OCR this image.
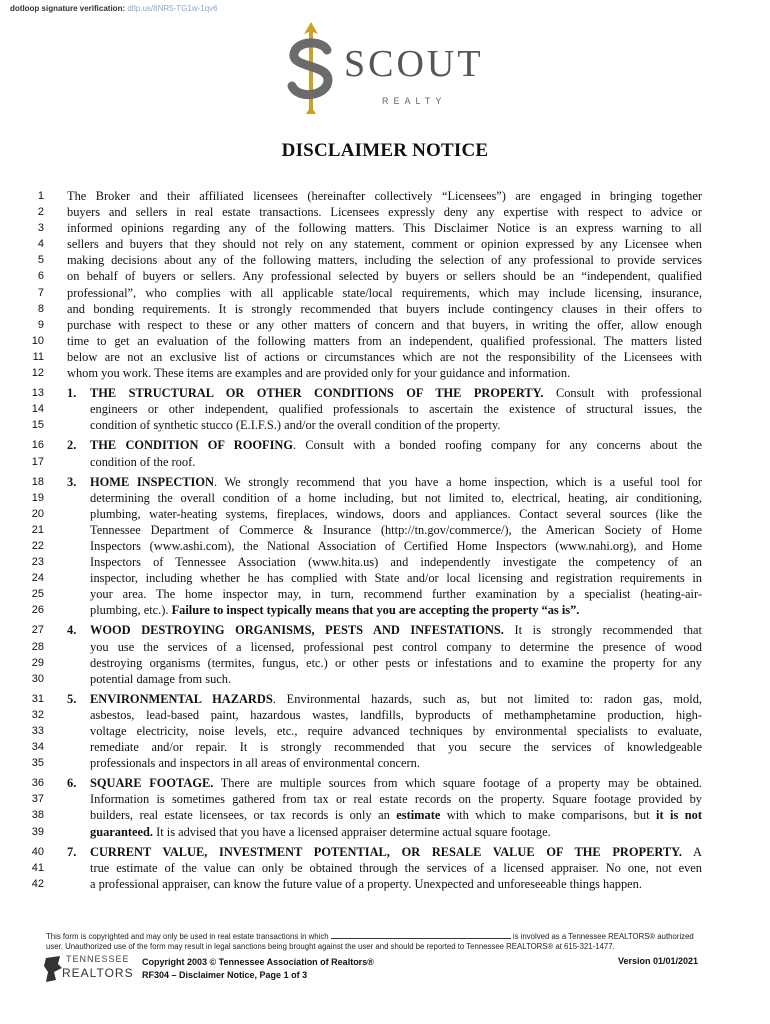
dotloop signature verification: dtlp.us/8NR5-TG1w-1qv6
SCOUT
REALTY
DISCLAIMER NOTICE
1 The Broker and their affiliated licensees (hereinafter collectively “Licensees”) are engaged in bringing together
2 buyers and sellers in real estate transactions. Licensees expressly deny any expertise with respect to advice or
3 informed opinions regarding any of the following matters. This Disclaimer Notice is an express warning to all
4 sellers and buyers that they should not rely on any statement, comment or opinion expressed by any Licensee when
5 making decisions about any of the following matters, including the selection of any professional to provide services
6 on behalf of buyers or sellers. Any professional selected by buyers or sellers should be an “independent, qualified
7 professional”, who complies with all applicable state/local requirements, which may include licensing, insurance,
8 and bonding requirements. It is strongly recommended that buyers include contingency clauses in their offers to
9 purchase with respect to these or any other matters of concern and that buyers, in writing the offer, allow enough
10 time to get an evaluation of the following matters from an independent, qualified professional. The matters listed
11 below are not an exclusive list of actions or circumstances which are not the responsibility of the Licensees with
12 whom you work. These items are examples and are provided only for your guidance and information.
13 1. THE STRUCTURAL OR OTHER CONDITIONS OF THE PROPERTY. Consult with professional
14	engineers or other independent, qualified professionals to ascertain the existence of structural issues, the
15	condition of synthetic stucco (E.I.F.S.) and/or the overall condition of the property.
16 2. THE CONDITION OF ROOFING. Consult with a bonded roofing company for any concerns about the
17	condition of the roof.
18 3. HOME INSPECTION. We strongly recommend that you have a home inspection, which is a useful tool for
19	determining the overall condition of a home including, but not limited to, electrical, heating, air conditioning,
20	plumbing, water-heating systems, fireplaces, windows, doors and appliances. Contact several sources (like the
21	Tennessee Department of Commerce & Insurance (http://tn.gov/commerce/), the American Society of Home
22	Inspectors (www.ashi.com), the National Association of Certified Home Inspectors (www.nahi.org), and Home
23	Inspectors of Tennessee Association (www.hita.us) and independently investigate the competency of an
24	inspector, including whether he has complied with State and/or local licensing and registration requirements in
25	your area. The home inspector may, in turn, recommend further examination by a specialist (heating-air-
26	plumbing, etc.). Failure to inspect typically means that you are accepting the property “as is”.
27 4. WOOD DESTROYING ORGANISMS, PESTS AND INFESTATIONS. It is strongly recommended that
28	you use the services of a licensed, professional pest control company to determine the presence of wood
29	destroying organisms (termites, fungus, etc.) or other pests or infestations and to examine the property for any
30	potential damage from such.
31 5. ENVIRONMENTAL HAZARDS. Environmental hazards, such as, but not limited to: radon gas, mold,
32	asbestos, lead-based paint, hazardous wastes, landfills, byproducts of methamphetamine production, high-
33	voltage electricity, noise levels, etc., require advanced techniques by environmental specialists to evaluate,
34	remediate and/or repair. It is strongly recommended that you secure the services of knowledgeable
35	professionals and inspectors in all areas of environmental concern.
36 6. SQUARE FOOTAGE. There are multiple sources from which square footage of a property may be obtained.
37	Information is sometimes gathered from tax or real estate records on the property. Square footage provided by
38	builders, real estate licensees, or tax records is only an estimate with which to make comparisons, but it is not
39	guaranteed. It is advised that you have a licensed appraiser determine actual square footage.
40 7. CURRENT VALUE, INVESTMENT POTENTIAL, OR RESALE VALUE OF THE PROPERTY. A
41	true estimate of the value can only be obtained through the services of a licensed appraiser. No one, not even
42	a professional appraiser, can know the future value of a property. Unexpected and unforeseeable things happen.
This form is copyrighted and may only be used in real estate transactions in which	is involved as a Tennessee REALTORS® authorized
user. Unauthorized use of the form may result in legal sanctions being brought against the user and should be reported to Tennessee REALTORS® at 615-321-1477.
TENNESSEE
REALTORS
Copyright 2003 © Tennessee Association of Realtors®
RF304 – Disclaimer Notice, Page 1 of 3
Version 01/01/2021
